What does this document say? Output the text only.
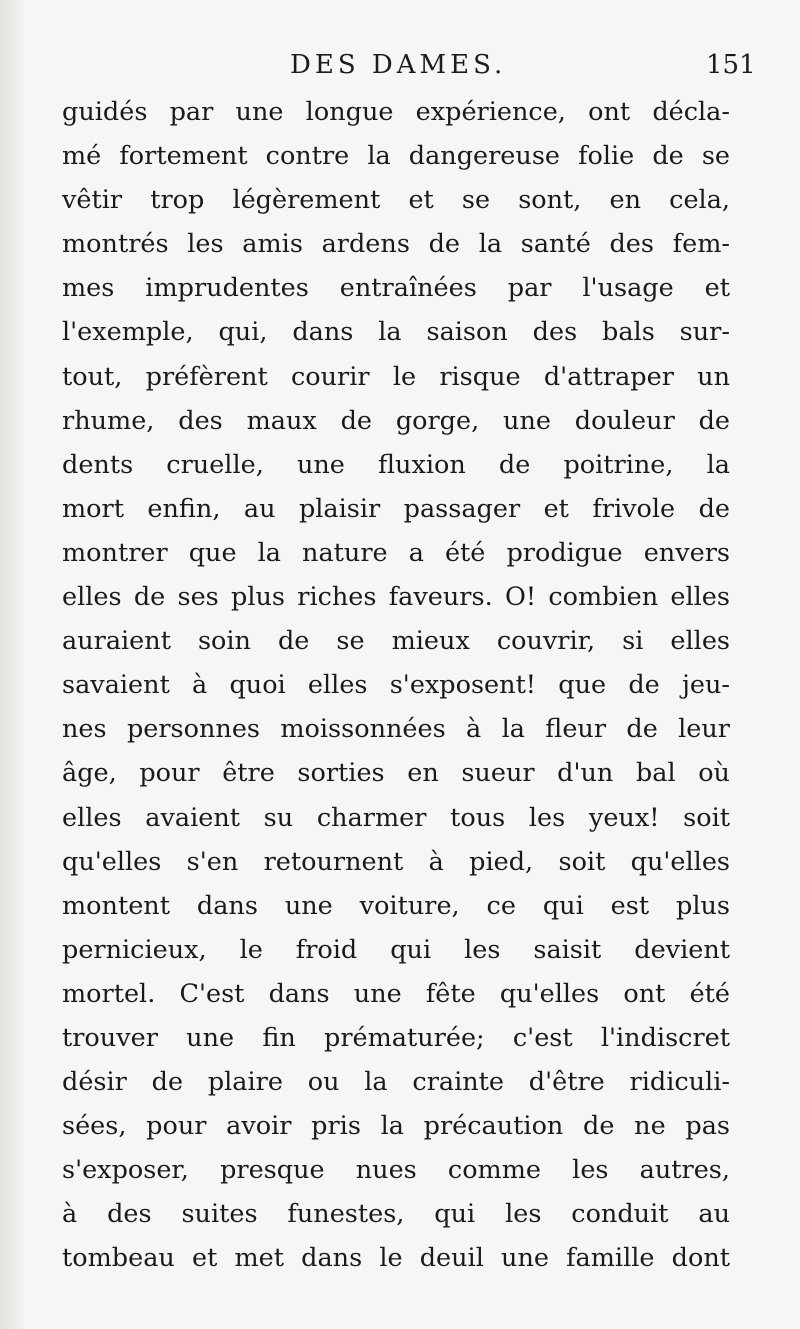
DES DAMES.	151
guidés par une longue expérience, ont décla-
mé fortement contre la dangereuse folie de se
vêtir trop légèrement et se sont, en cela,
montrés les amis ardens de la santé des fem-
mes imprudentes entraînées par l'usage et
l'exemple, qui, dans la saison des bals sur-
tout, préfèrent courir le risque d'attraper un
rhume, des maux de gorge, une douleur de
dents cruelle, une fluxion de poitrine, la
mort enfin, au plaisir passager et frivole de
montrer que la nature a été prodigue envers
elles de ses plus riches faveurs. O! combien elles
auraient soin de se mieux couvrir, si elles
savaient à quoi elles s'exposent! que de jeu-
nes personnes moissonnées à la fleur de leur
âge, pour être sorties en sueur d'un bal où
elles avaient su charmer tous les yeux! soit
qu'elles s'en retournent à pied, soit qu'elles
montent dans une voiture, ce qui est plus
pernicieux, le froid qui les saisit devient
mortel. C'est dans une fête qu'elles ont été
trouver une fin prématurée; c'est l'indiscret
désir de plaire ou la crainte d'être ridiculi-
sées, pour avoir pris la précaution de ne pas
s'exposer, presque nues comme les autres,
à des suites funestes, qui les conduit au
tombeau et met dans le deuil une famille dont
